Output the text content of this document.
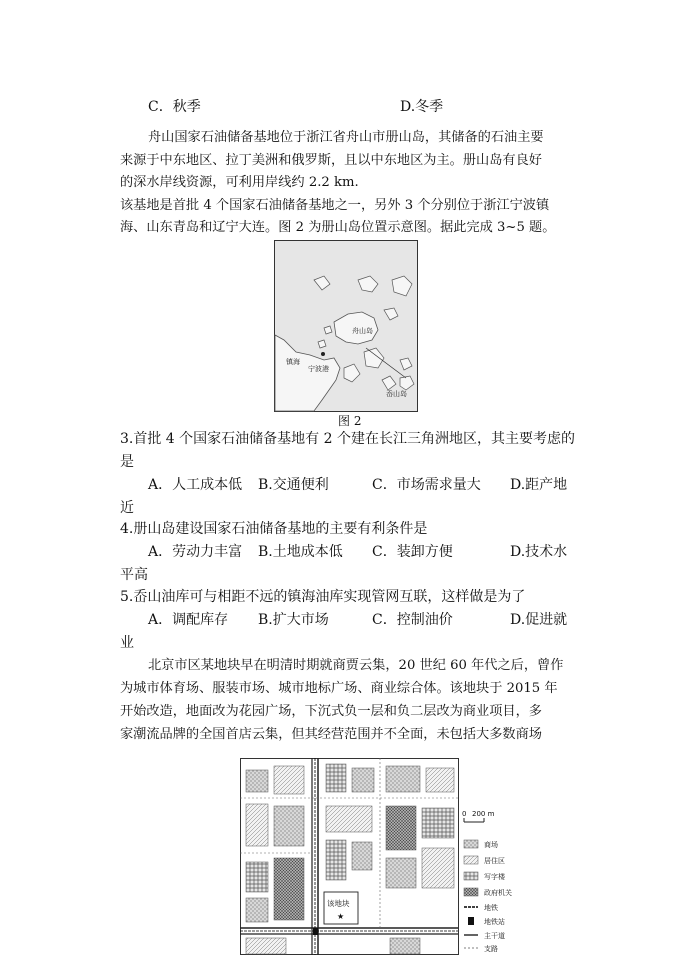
C．秋季	D.冬季
舟山国家石油储备基地位于浙江省舟山市册山岛，其储备的石油主要
来源于中东地区、拉丁美洲和俄罗斯，且以中东地区为主。册山岛有良好
的深水岸线资源，可利用岸线约 2.2 km.
该基地是首批 4 个国家石油储备基地之一，另外 3 个分别位于浙江宁波镇
海、山东青岛和辽宁大连。图 2 为册山岛位置示意图。据此完成 3~5 题。
舟山岛
镇海
宁波港
岙山岛
图 2
3.首批 4 个国家石油储备基地有 2 个建在长江三角洲地区，其主要考虑的
是
A．人工成本低 B.交通便利	C．市场需求量大 D.距产地
近
4.册山岛建设国家石油储备基地的主要有利条件是
A．劳动力丰富 B.土地成本低 C．装卸方便	D.技术水
平高
5.岙山油库可与相距不远的镇海油库实现管网互联，这样做是为了
A．调配库存 B.扩大市场	C．控制油价	D.促进就
业
北京市区某地块早在明清时期就商贾云集，20 世纪 60 年代之后，曾作
为城市体育场、服装市场、城市地标广场、商业综合体。该地块于 2015 年
开始改造，地面改为花园广场，下沉式负一层和负二层改为商业项目，多
家潮流品牌的全国首店云集，但其经营范围并不全面，未包括大多数商场
该地块
★
0 200 m
商场
居住区
写字楼
政府机关
地铁
地铁站
主干道
支路
